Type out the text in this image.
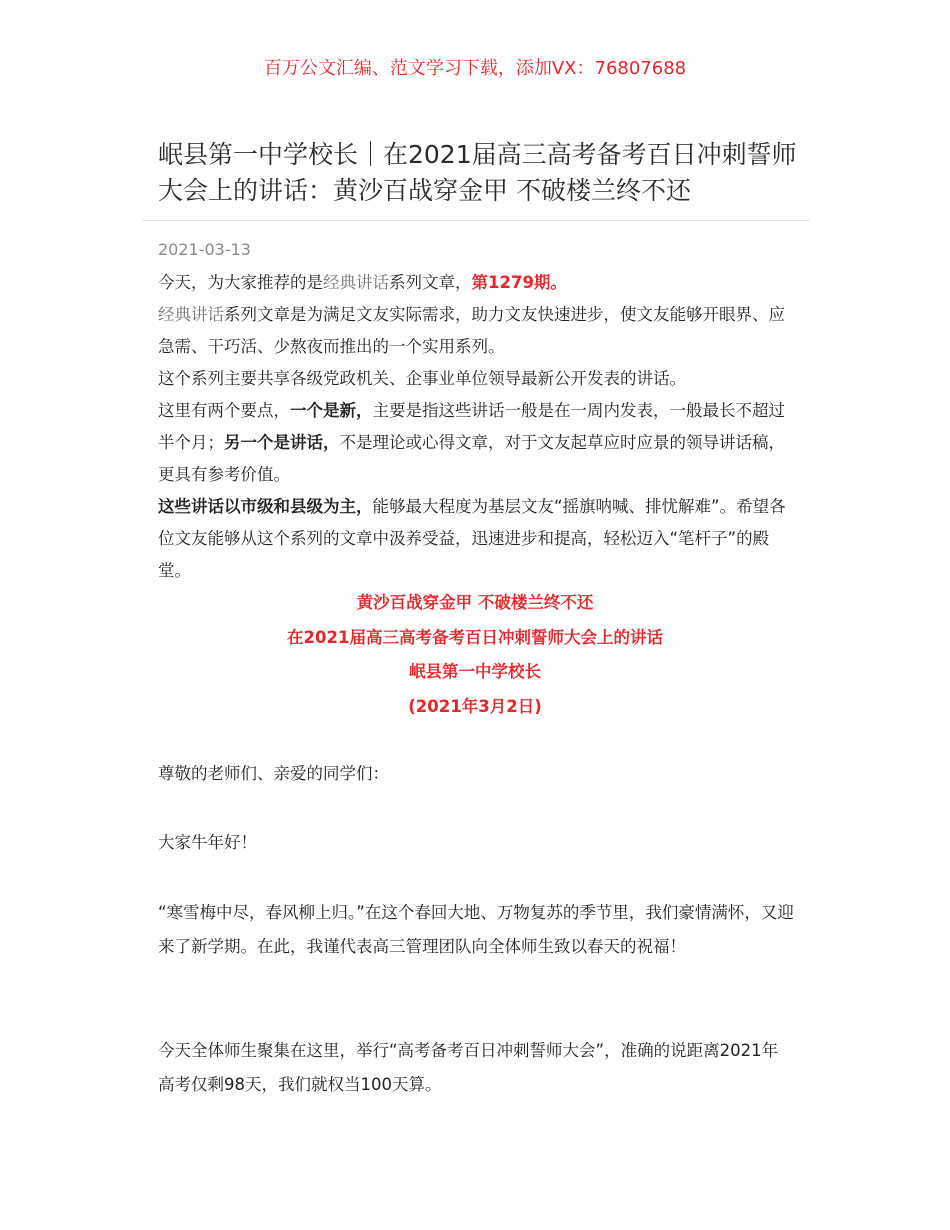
百万公文汇编、范文学习下载，添加VX：76807688
岷县第一中学校长｜在2021届高三高考备考百日冲刺誓师大会上的讲话：黄沙百战穿金甲 不破楼兰终不还
2021-03-13

今天，为大家推荐的是经典讲话系列文章，第1279期。

经典讲话系列文章是为满足文友实际需求，助力文友快速进步，使文友能够开眼界、应急需、干巧活、少熬夜而推出的一个实用系列。

这个系列主要共享各级党政机关、企事业单位领导最新公开发表的讲话。

这里有两个要点，一个是新，主要是指这些讲话一般是在一周内发表，一般最长不超过半个月；另一个是讲话，不是理论或心得文章，对于文友起草应时应景的领导讲话稿，更具有参考价值。

这些讲话以市级和县级为主，能够最大程度为基层文友“摇旗呐喊、排忧解难”。希望各位文友能够从这个系列的文章中汲养受益，迅速进步和提高，轻松迈入“笔杆子”的殿堂。

黄沙百战穿金甲 不破楼兰终不还
在2021届高三高考备考百日冲刺誓师大会上的讲话
岷县第一中学校长
(2021年3月2日)

尊敬的老师们、亲爱的同学们：

大家牛年好！

“寒雪梅中尽，春风柳上归。”在这个春回大地、万物复苏的季节里，我们豪情满怀，又迎来了新学期。在此，我谨代表高三管理团队向全体师生致以春天的祝福！

今天全体师生聚集在这里，举行“高考备考百日冲刺誓师大会”，准确的说距离2021年高考仅剩98天，我们就权当100天算。
